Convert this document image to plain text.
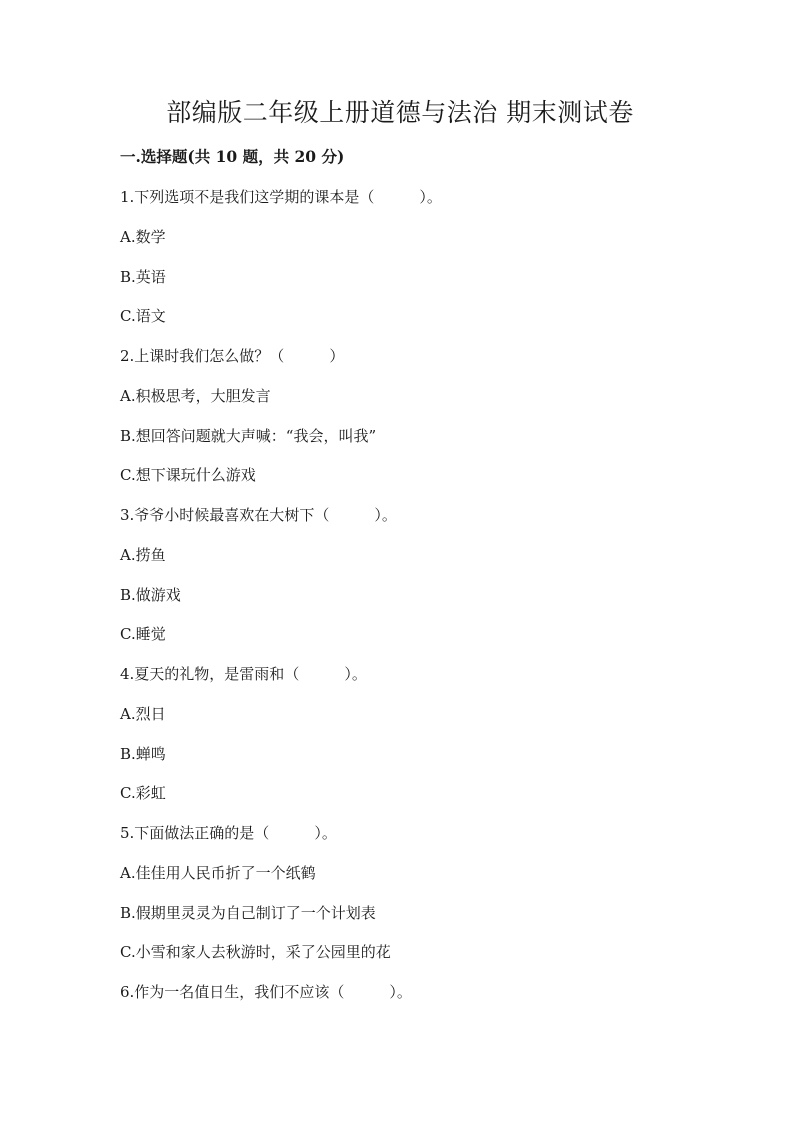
部编版二年级上册道德与法治 期末测试卷
一.选择题(共 10 题，共 20 分)
1.下列选项不是我们这学期的课本是（　　　）。
A.数学
B.英语
C.语文
2.上课时我们怎么做？（　　　）
A.积极思考，大胆发言
B.想回答问题就大声喊：“我会，叫我”
C.想下课玩什么游戏
3.爷爷小时候最喜欢在大树下（　　　）。
A.捞鱼
B.做游戏
C.睡觉
4.夏天的礼物，是雷雨和（　　　）。
A.烈日
B.蝉鸣
C.彩虹
5.下面做法正确的是（　　　）。
A.佳佳用人民币折了一个纸鹤
B.假期里灵灵为自己制订了一个计划表
C.小雪和家人去秋游时，采了公园里的花
6.作为一名值日生，我们不应该（　　　）。
